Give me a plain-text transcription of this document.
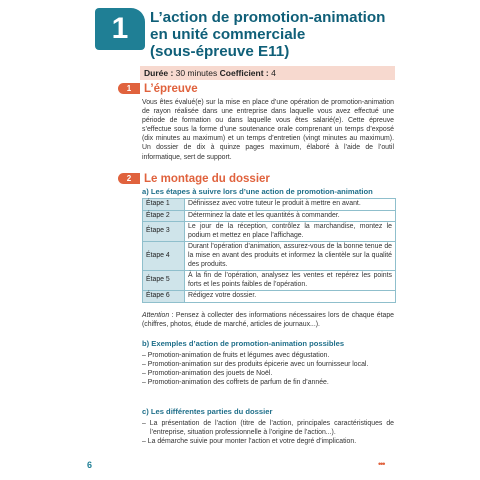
1	L’action de promotion-animation
en unité commerciale
(sous-épreuve E11)
Durée : 30 minutes Coefficient : 4
1 L’épreuve

Vous êtes évalué(e) sur la mise en place d’une opération de promotion-animation de rayon réalisée dans une entreprise dans laquelle vous avez effectué une période de formation ou dans laquelle vous êtes salarié(e). Cette épreuve s’effectue sous la forme d’une soutenance orale comprenant un temps d’exposé (dix minutes au maximum) et un temps d’entretien (vingt minutes au maximum). Un dossier de dix à quinze pages maximum, élaboré à l’aide de l’outil informatique, sert de support.

2 Le montage du dossier
a) Les étapes à suivre lors d’une action de promotion-animation
Étape 1	Définissez avec votre tuteur le produit à mettre en avant.
Étape 2	Déterminez la date et les quantités à commander.
Étape 3	Le jour de la réception, contrôlez la marchandise, montez le podium et mettez en place l’affichage.
Étape 4	Durant l’opération d’animation, assurez-vous de la bonne tenue de la mise en avant des produits et informez la clientèle sur la qualité des produits.
Étape 5	À la fin de l’opération, analysez les ventes et repérez les points forts et les points faibles de l’opération.
Étape 6	Rédigez votre dossier.

Attention : Pensez à collecter des informations nécessaires lors de chaque étape (chiffres, photos, étude de marché, articles de journaux...).

b) Exemples d’action de promotion-animation possibles
– Promotion-animation de fruits et légumes avec dégustation.
– Promotion-animation sur des produits épicerie avec un fournisseur local.
– Promotion-animation des jouets de Noël.
– Promotion-animation des coffrets de parfum de fin d’année.
c) Les différentes parties du dossier
– La présentation de l’action (titre de l’action, principales caractéristiques de l’entreprise, situation professionnelle à l’origine de l’action...).
– La démarche suivie pour monter l’action et votre degré d’implication.
6	•••
